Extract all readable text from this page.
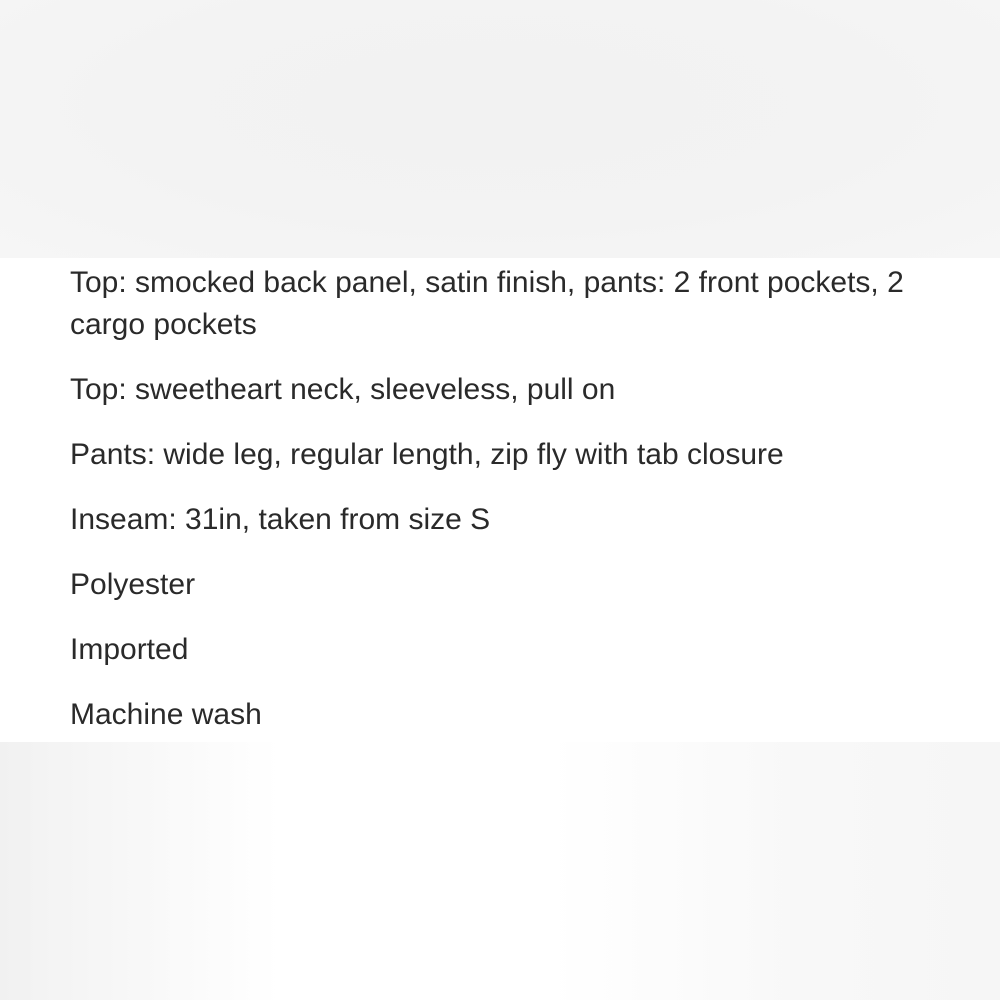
Top: smocked back panel, satin finish, pants: 2 front pockets, 2 cargo pockets
Top: sweetheart neck, sleeveless, pull on
Pants: wide leg, regular length, zip fly with tab closure
Inseam: 31in, taken from size S
Polyester
Imported
Machine wash
